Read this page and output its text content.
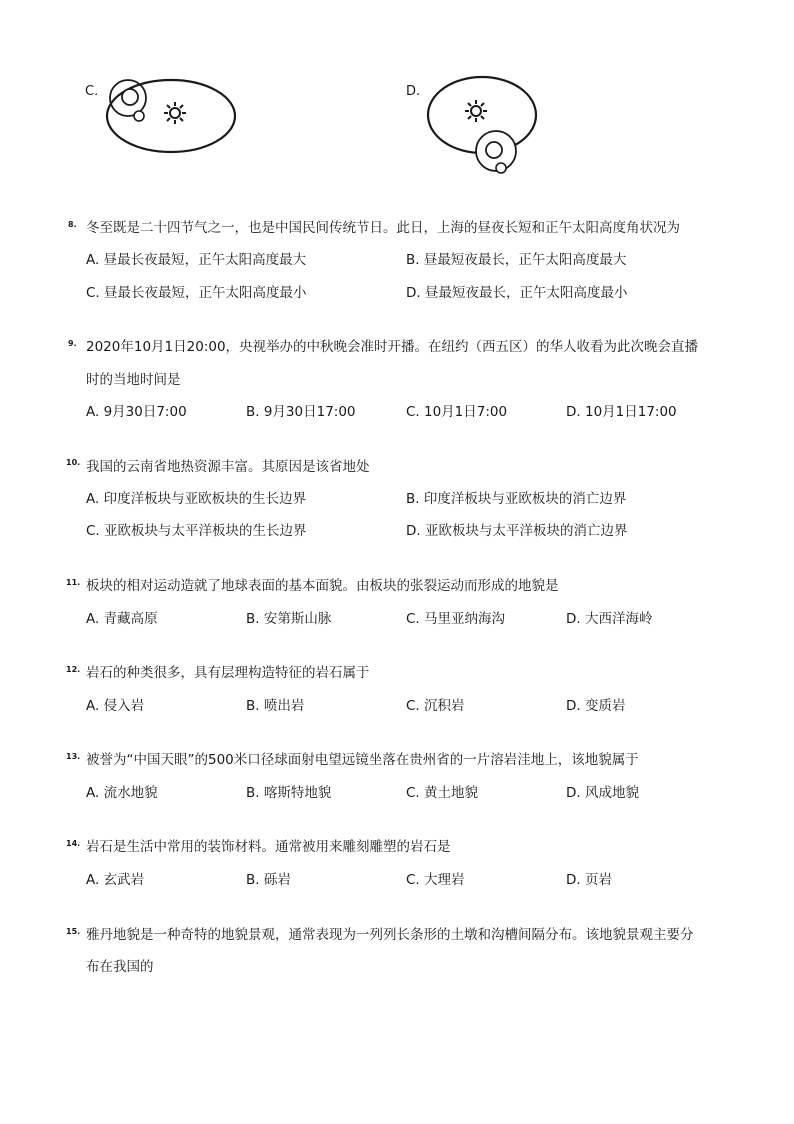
C.	D.
8. 冬至既是二十四节气之一，也是中国民间传统节日。此日，上海的昼夜长短和正午太阳高度角状况为
A. 昼最长夜最短，正午太阳高度最大	B. 昼最短夜最长，正午太阳高度最大
C. 昼最长夜最短，正午太阳高度最小	D. 昼最短夜最长，正午太阳高度最小
9. 2020年10月1日20:00，央视举办的中秋晚会准时开播。在纽约（西五区）的华人收看为此次晚会直播
时的当地时间是
A. 9月30日7:00	B. 9月30日17:00	C. 10月1日7:00	D. 10月1日17:00
10. 我国的云南省地热资源丰富。其原因是该省地处
A. 印度洋板块与亚欧板块的生长边界	B. 印度洋板块与亚欧板块的消亡边界
C. 亚欧板块与太平洋板块的生长边界	D. 亚欧板块与太平洋板块的消亡边界
11. 板块的相对运动造就了地球表面的基本面貌。由板块的张裂运动而形成的地貌是
A. 青藏高原	B. 安第斯山脉	C. 马里亚纳海沟	D. 大西洋海岭
12. 岩石的种类很多，具有层理构造特征的岩石属于
A. 侵入岩	B. 喷出岩	C. 沉积岩	D. 变质岩
13. 被誉为“中国天眼”的500米口径球面射电望远镜坐落在贵州省的一片溶岩洼地上，该地貌属于
A. 流水地貌	B. 喀斯特地貌	C. 黄土地貌	D. 风成地貌
14. 岩石是生活中常用的装饰材料。通常被用来雕刻雕塑的岩石是
A. 玄武岩	B. 砾岩	C. 大理岩	D. 页岩
15. 雅丹地貌是一种奇特的地貌景观，通常表现为一列列长条形的土墩和沟槽间隔分布。该地貌景观主要分
布在我国的
